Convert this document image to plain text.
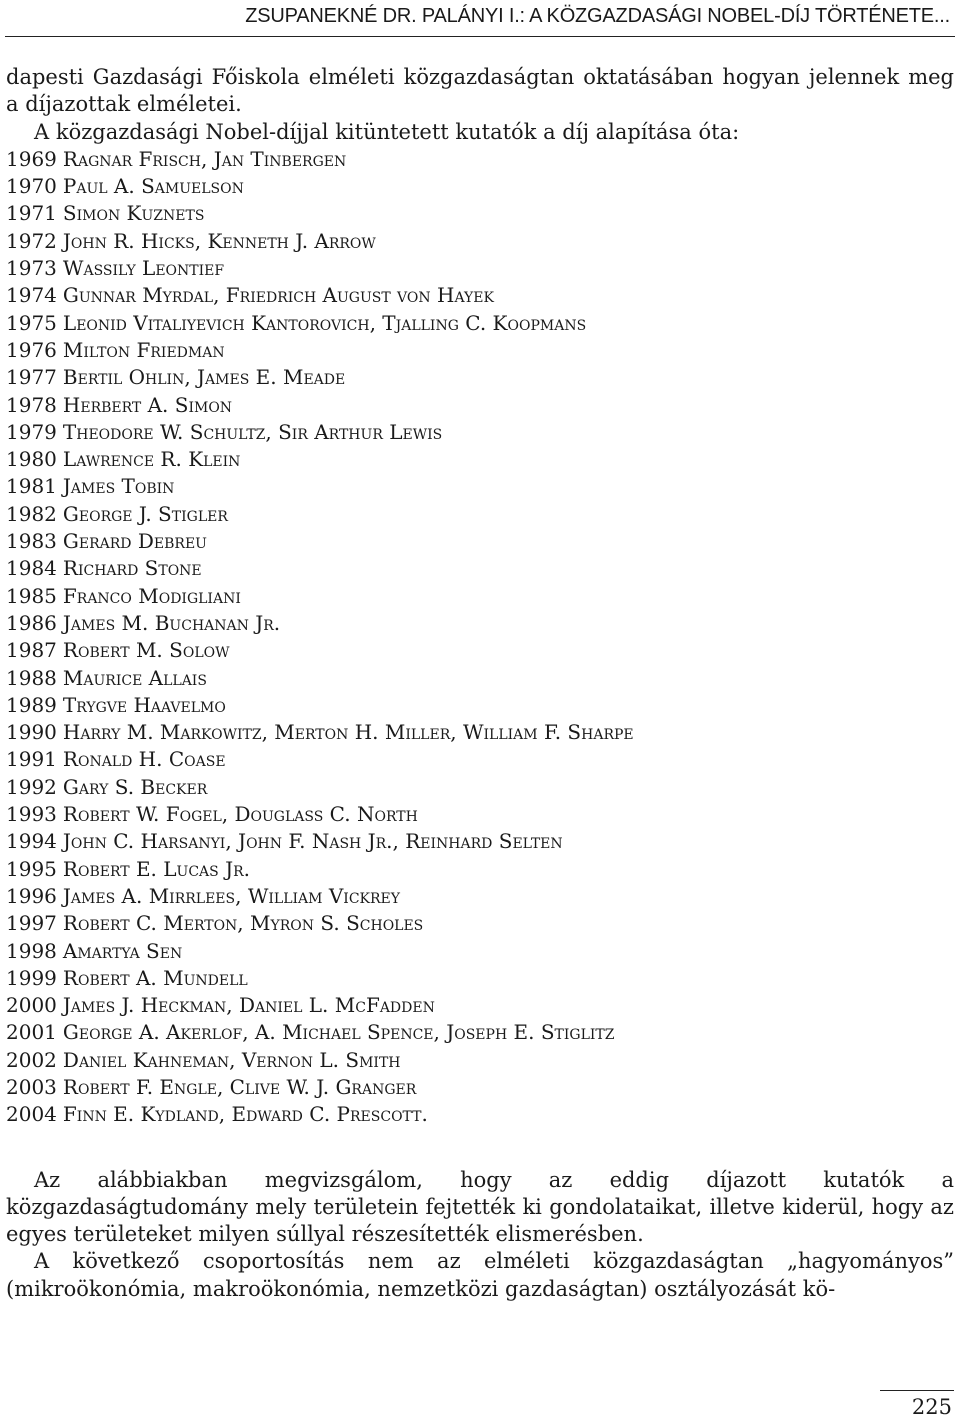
ZSUPANEKNÉ DR. PALÁNYI I.: A KÖZGAZDASÁGI NOBEL-DÍJ TÖRTÉNETE...

dapesti Gazdasági Főiskola elméleti közgazdaságtan oktatásában hogyan jelennek meg a díjazottak elméletei.

A közgazdasági Nobel-díjjal kitüntetett kutatók a díj alapítása óta:

1969 Ragnar Frisch, Jan Tinbergen
1970 Paul A. Samuelson
1971 Simon Kuznets
1972 John R. Hicks, Kenneth J. Arrow
1973 Wassily Leontief
1974 Gunnar Myrdal, Friedrich August von Hayek
1975 Leonid Vitaliyevich Kantorovich, Tjalling C. Koopmans
1976 Milton Friedman
1977 Bertil Ohlin, James E. Meade
1978 Herbert A. Simon
1979 Theodore W. Schultz, Sir Arthur Lewis
1980 Lawrence R. Klein
1981 James Tobin
1982 George J. Stigler
1983 Gerard Debreu
1984 Richard Stone
1985 Franco Modigliani
1986 James M. Buchanan Jr.
1987 Robert M. Solow
1988 Maurice Allais
1989 Trygve Haavelmo
1990 Harry M. Markowitz, Merton H. Miller, William F. Sharpe
1991 Ronald H. Coase
1992 Gary S. Becker
1993 Robert W. Fogel, Douglass C. North
1994 John C. Harsanyi, John F. Nash Jr., Reinhard Selten
1995 Robert E. Lucas Jr.
1996 James A. Mirrlees, William Vickrey
1997 Robert C. Merton, Myron S. Scholes
1998 Amartya Sen
1999 Robert A. Mundell
2000 James J. Heckman, Daniel L. McFadden
2001 George A. Akerlof, A. Michael Spence, Joseph E. Stiglitz
2002 Daniel Kahneman, Vernon L. Smith
2003 Robert F. Engle, Clive W. J. Granger
2004 Finn E. Kydland, Edward C. Prescott.

Az alábbiakban megvizsgálom, hogy az eddig díjazott kutatók a közgazdaságtudomány mely területein fejtették ki gondolataikat, illetve kiderül, hogy az egyes területeket milyen súllyal részesítették elismerésben.

A következő csoportosítás nem az elméleti közgazdaságtan „hagyományos” (mikroökonómia, makroökonómia, nemzetközi gazdaságtan) osztályozását kö-

225
